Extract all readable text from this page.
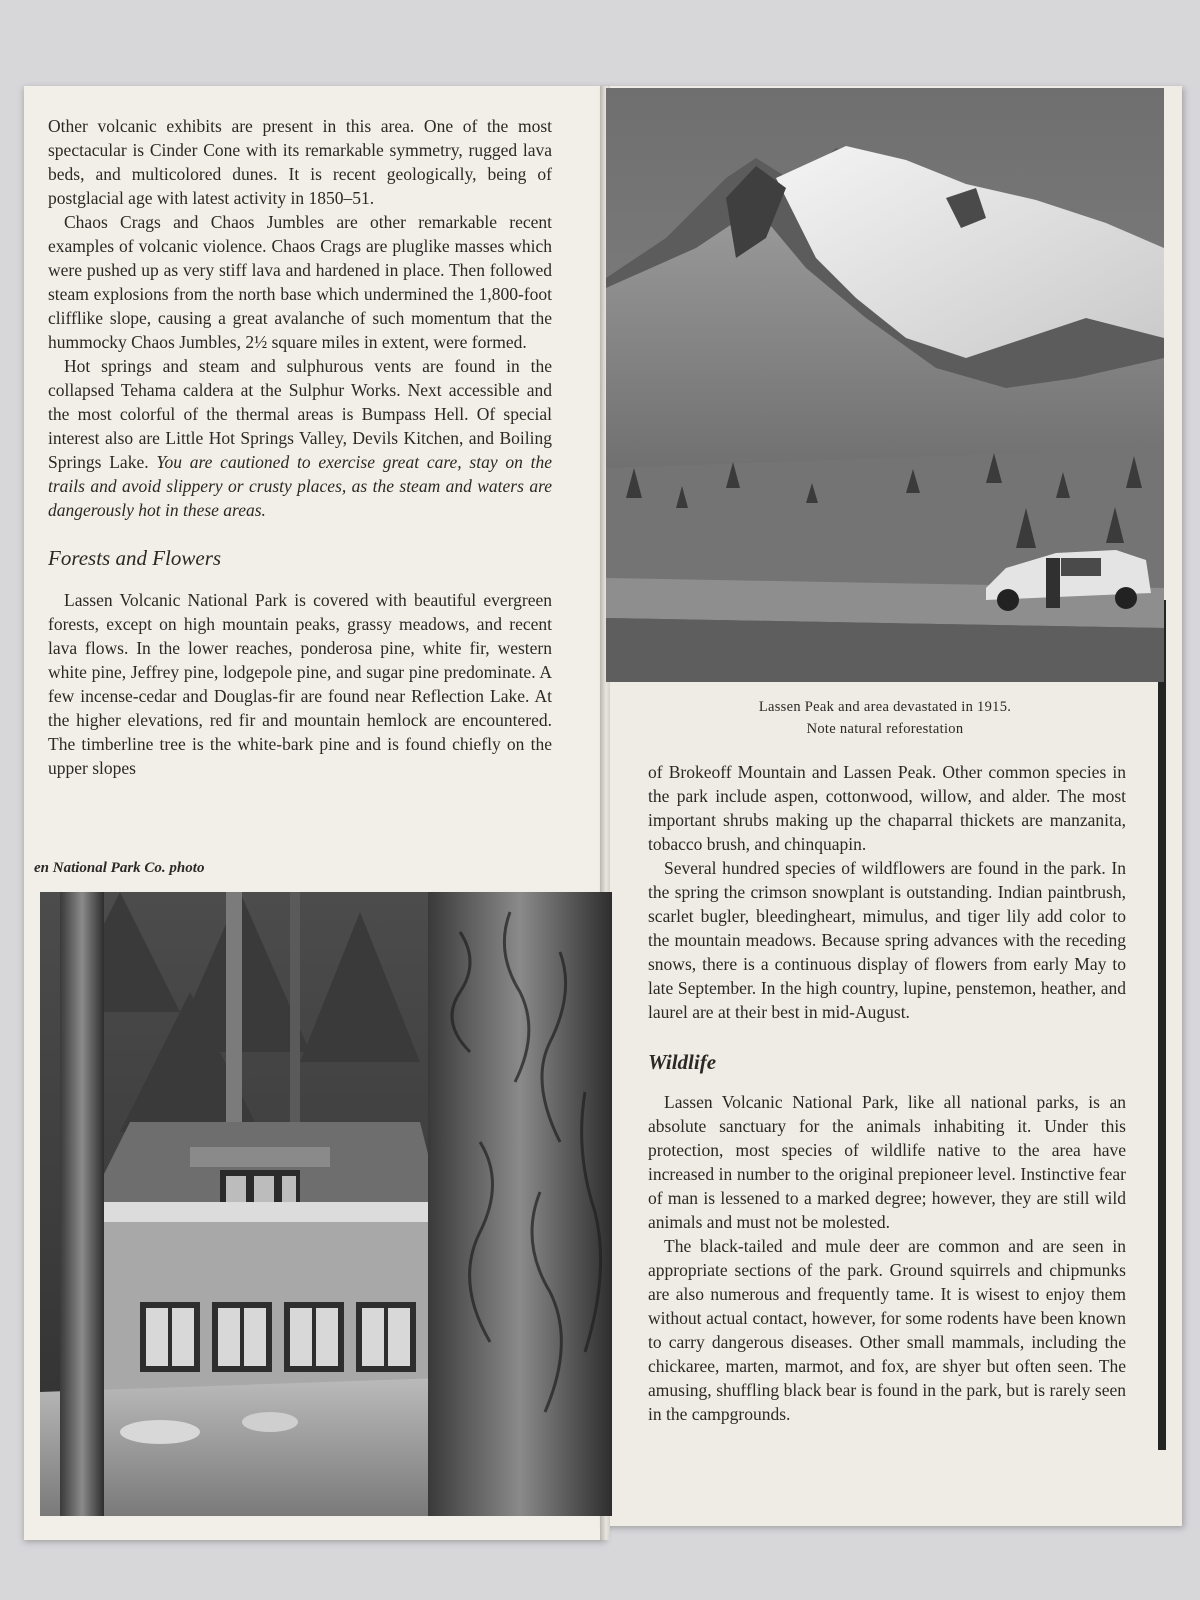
Other volcanic exhibits are present in this area. One of the most spectacular is Cinder Cone with its remarkable symmetry, rugged lava beds, and multicolored dunes. It is recent geologically, being of postglacial age with latest activity in 1850–51.

Chaos Crags and Chaos Jumbles are other remarkable recent examples of volcanic violence. Chaos Crags are pluglike masses which were pushed up as very stiff lava and hardened in place. Then followed steam explosions from the north base which undermined the 1,800-foot clifflike slope, causing a great avalanche of such momentum that the hummocky Chaos Jumbles, 2½ square miles in extent, were formed.

Hot springs and steam and sulphurous vents are found in the collapsed Tehama caldera at the Sulphur Works. Next accessible and the most colorful of the thermal areas is Bumpass Hell. Of special interest also are Little Hot Springs Valley, Devils Kitchen, and Boiling Springs Lake. You are cautioned to exercise great care, stay on the trails and avoid slippery or crusty places, as the steam and waters are dangerously hot in these areas.

Forests and Flowers

Lassen Volcanic National Park is covered with beautiful evergreen forests, except on high mountain peaks, grassy meadows, and recent lava flows. In the lower reaches, ponderosa pine, white fir, western white pine, Jeffrey pine, lodgepole pine, and sugar pine predominate. A few incense-cedar and Douglas-fir are found near Reflection Lake. At the higher elevations, red fir and mountain hemlock are encountered. The timberline tree is the white-bark pine and is found chiefly on the upper slopes

en National Park Co. photo
Lassen Peak and area devastated in 1915.
Note natural reforestation

of Brokeoff Mountain and Lassen Peak. Other common species in the park include aspen, cottonwood, willow, and alder. The most important shrubs making up the chaparral thickets are manzanita, tobacco brush, and chinquapin.

Several hundred species of wildflowers are found in the park. In the spring the crimson snowplant is outstanding. Indian paintbrush, scarlet bugler, bleedingheart, mimulus, and tiger lily add color to the mountain meadows. Because spring advances with the receding snows, there is a continuous display of flowers from early May to late September. In the high country, lupine, penstemon, heather, and laurel are at their best in mid-August.

Wildlife

Lassen Volcanic National Park, like all national parks, is an absolute sanctuary for the animals inhabiting it. Under this protection, most species of wildlife native to the area have increased in number to the original prepioneer level. Instinctive fear of man is lessened to a marked degree; however, they are still wild animals and must not be molested.

The black-tailed and mule deer are common and are seen in appropriate sections of the park. Ground squirrels and chipmunks are also numerous and frequently tame. It is wisest to enjoy them without actual contact, however, for some rodents have been known to carry dangerous diseases. Other small mammals, including the chickaree, marten, marmot, and fox, are shyer but often seen. The amusing, shuffling black bear is found in the park, but is rarely seen in the campgrounds.
